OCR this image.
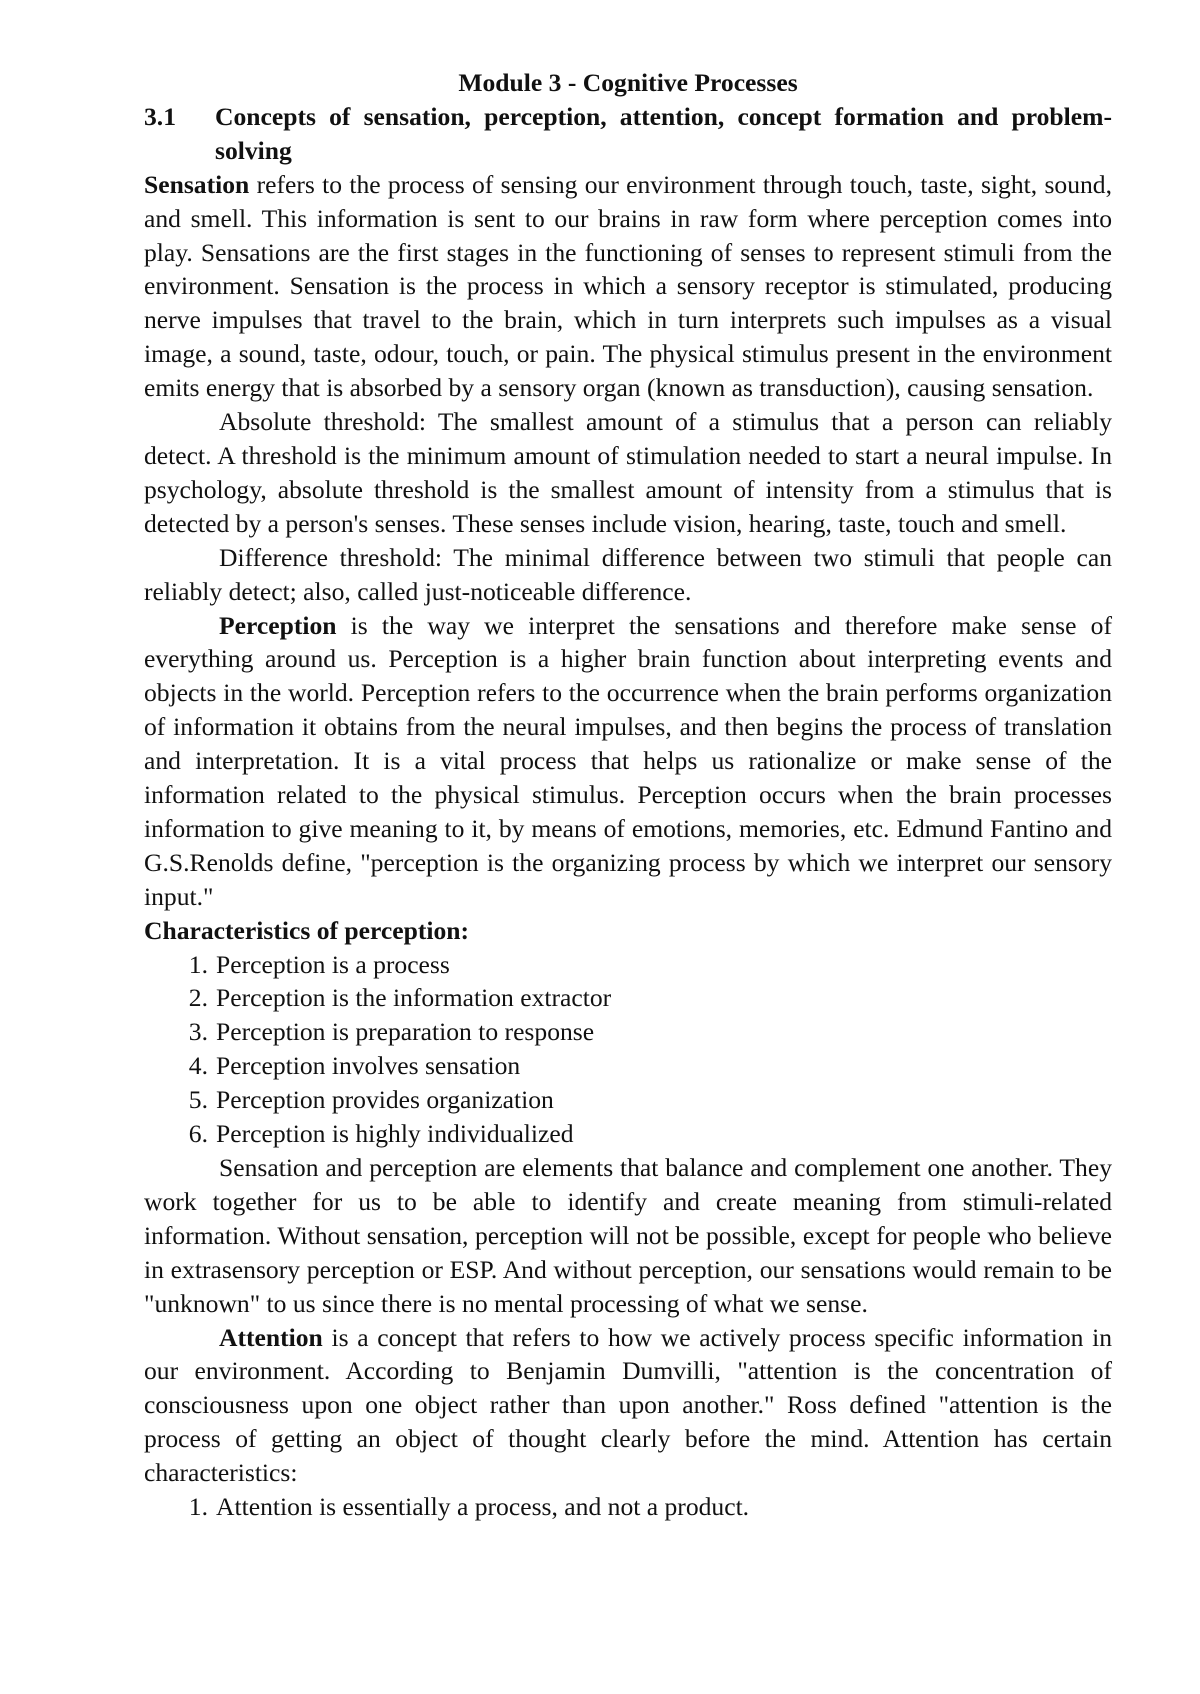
Module 3 - Cognitive Processes

3.1	Concepts of sensation, perception, attention, concept formation and problem-solving

Sensation refers to the process of sensing our environment through touch, taste, sight, sound, and smell. This information is sent to our brains in raw form where perception comes into play. Sensations are the first stages in the functioning of senses to represent stimuli from the environment. Sensation is the process in which a sensory receptor is stimulated, producing nerve impulses that travel to the brain, which in turn interprets such impulses as a visual image, a sound, taste, odour, touch, or pain. The physical stimulus present in the environment emits energy that is absorbed by a sensory organ (known as transduction), causing sensation.

Absolute threshold: The smallest amount of a stimulus that a person can reliably detect. A threshold is the minimum amount of stimulation needed to start a neural impulse. In psychology, absolute threshold is the smallest amount of intensity from a stimulus that is detected by a person's senses. These senses include vision, hearing, taste, touch and smell.

Difference threshold: The minimal difference between two stimuli that people can reliably detect; also, called just-noticeable difference.

Perception is the way we interpret the sensations and therefore make sense of everything around us. Perception is a higher brain function about interpreting events and objects in the world. Perception refers to the occurrence when the brain performs organization of information it obtains from the neural impulses, and then begins the process of translation and interpretation. It is a vital process that helps us rationalize or make sense of the information related to the physical stimulus. Perception occurs when the brain processes information to give meaning to it, by means of emotions, memories, etc. Edmund Fantino and G.S.Renolds define, "perception is the organizing process by which we interpret our sensory input."

Characteristics of perception:

1. Perception is a process
2. Perception is the information extractor
3. Perception is preparation to response
4. Perception involves sensation
5. Perception provides organization
6. Perception is highly individualized

Sensation and perception are elements that balance and complement one another. They work together for us to be able to identify and create meaning from stimuli-related information. Without sensation, perception will not be possible, except for people who believe in extrasensory perception or ESP. And without perception, our sensations would remain to be "unknown" to us since there is no mental processing of what we sense.

Attention is a concept that refers to how we actively process specific information in our environment. According to Benjamin Dumvilli, "attention is the concentration of consciousness upon one object rather than upon another." Ross defined "attention is the process of getting an object of thought clearly before the mind. Attention has certain characteristics:

1. Attention is essentially a process, and not a product.
